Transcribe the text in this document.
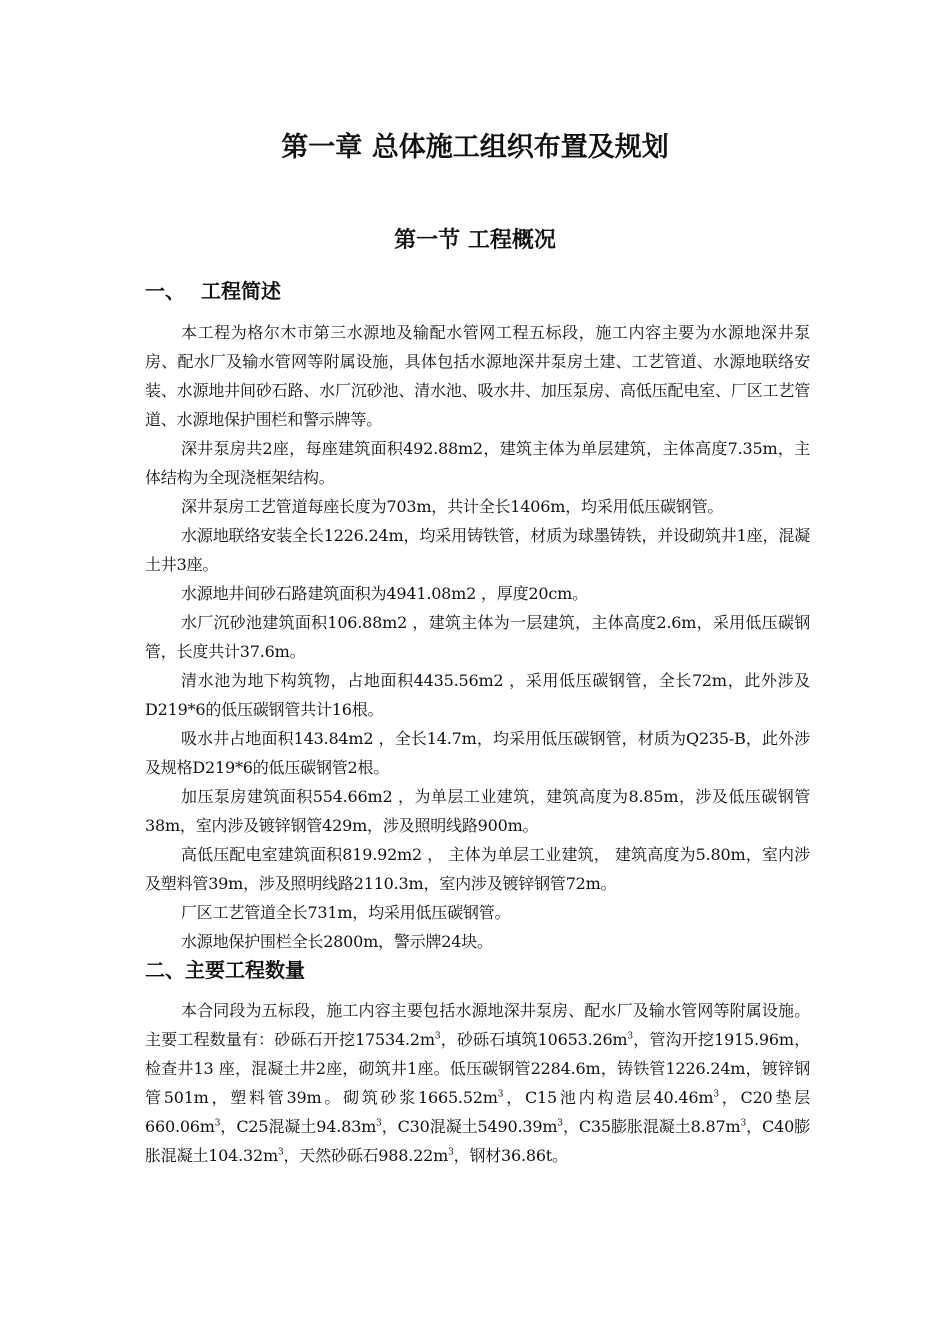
第一章 总体施工组织布置及规划
第一节 工程概况
一、 工程简述

本工程为格尔木市第三水源地及输配水管网工程五标段，施工内容主要为水源地深井泵房、配水厂及输水管网等附属设施，具体包括水源地深井泵房土建、工艺管道、水源地联络安装、水源地井间砂石路、水厂沉砂池、清水池、吸水井、加压泵房、高低压配电室、厂区工艺管道、水源地保护围栏和警示牌等。

深井泵房共2座，每座建筑面积492.88m2，建筑主体为单层建筑，主体高度7.35m，主体结构为全现浇框架结构。

深井泵房工艺管道每座长度为703m，共计全长1406m，均采用低压碳钢管。

水源地联络安装全长1226.24m，均采用铸铁管，材质为球墨铸铁，并设砌筑井1座，混凝土井3座。

水源地井间砂石路建筑面积为4941.08m2 ，厚度20cm。

水厂沉砂池建筑面积106.88m2 ，建筑主体为一层建筑，主体高度2.6m，采用低压碳钢管，长度共计37.6m。

清水池为地下构筑物，占地面积4435.56m2 ，采用低压碳钢管，全长72m，此外涉及D219*6的低压碳钢管共计16根。

吸水井占地面积143.84m2 ，全长14.7m，均采用低压碳钢管，材质为Q235-B，此外涉及规格D219*6的低压碳钢管2根。

加压泵房建筑面积554.66m2 ，为单层工业建筑，建筑高度为8.85m，涉及低压碳钢管38m，室内涉及镀锌钢管429m，涉及照明线路900m。

高低压配电室建筑面积819.92m2 ， 主体为单层工业建筑， 建筑高度为5.80m，室内涉及塑料管39m，涉及照明线路2110.3m，室内涉及镀锌钢管72m。

厂区工艺管道全长731m，均采用低压碳钢管。

水源地保护围栏全长2800m，警示牌24块。

二、主要工程数量

本合同段为五标段，施工内容主要包括水源地深井泵房、配水厂及输水管网等附属设施。主要工程数量有：砂砾石开挖$17534.2m^3$，砂砾石填筑$10653.26m^3$，管沟开挖1915.96m，检查井13 座，混凝土井2座，砌筑井1座。低压碳钢管2284.6m，铸铁管1226.24m，镀锌钢管501m，塑料管39m。砌筑砂浆$1665.52m^3$，C15池内构造层$40.46m^3$，C20垫层$660.06m^3$，C25混凝土$94.83m^3$，C30混凝土$5490.39m^3$，C35膨胀混凝土$8.87m^3$，C40膨胀混凝土$104.32m^3$，天然砂砾石$988.22m^3$，钢材36.86t。
